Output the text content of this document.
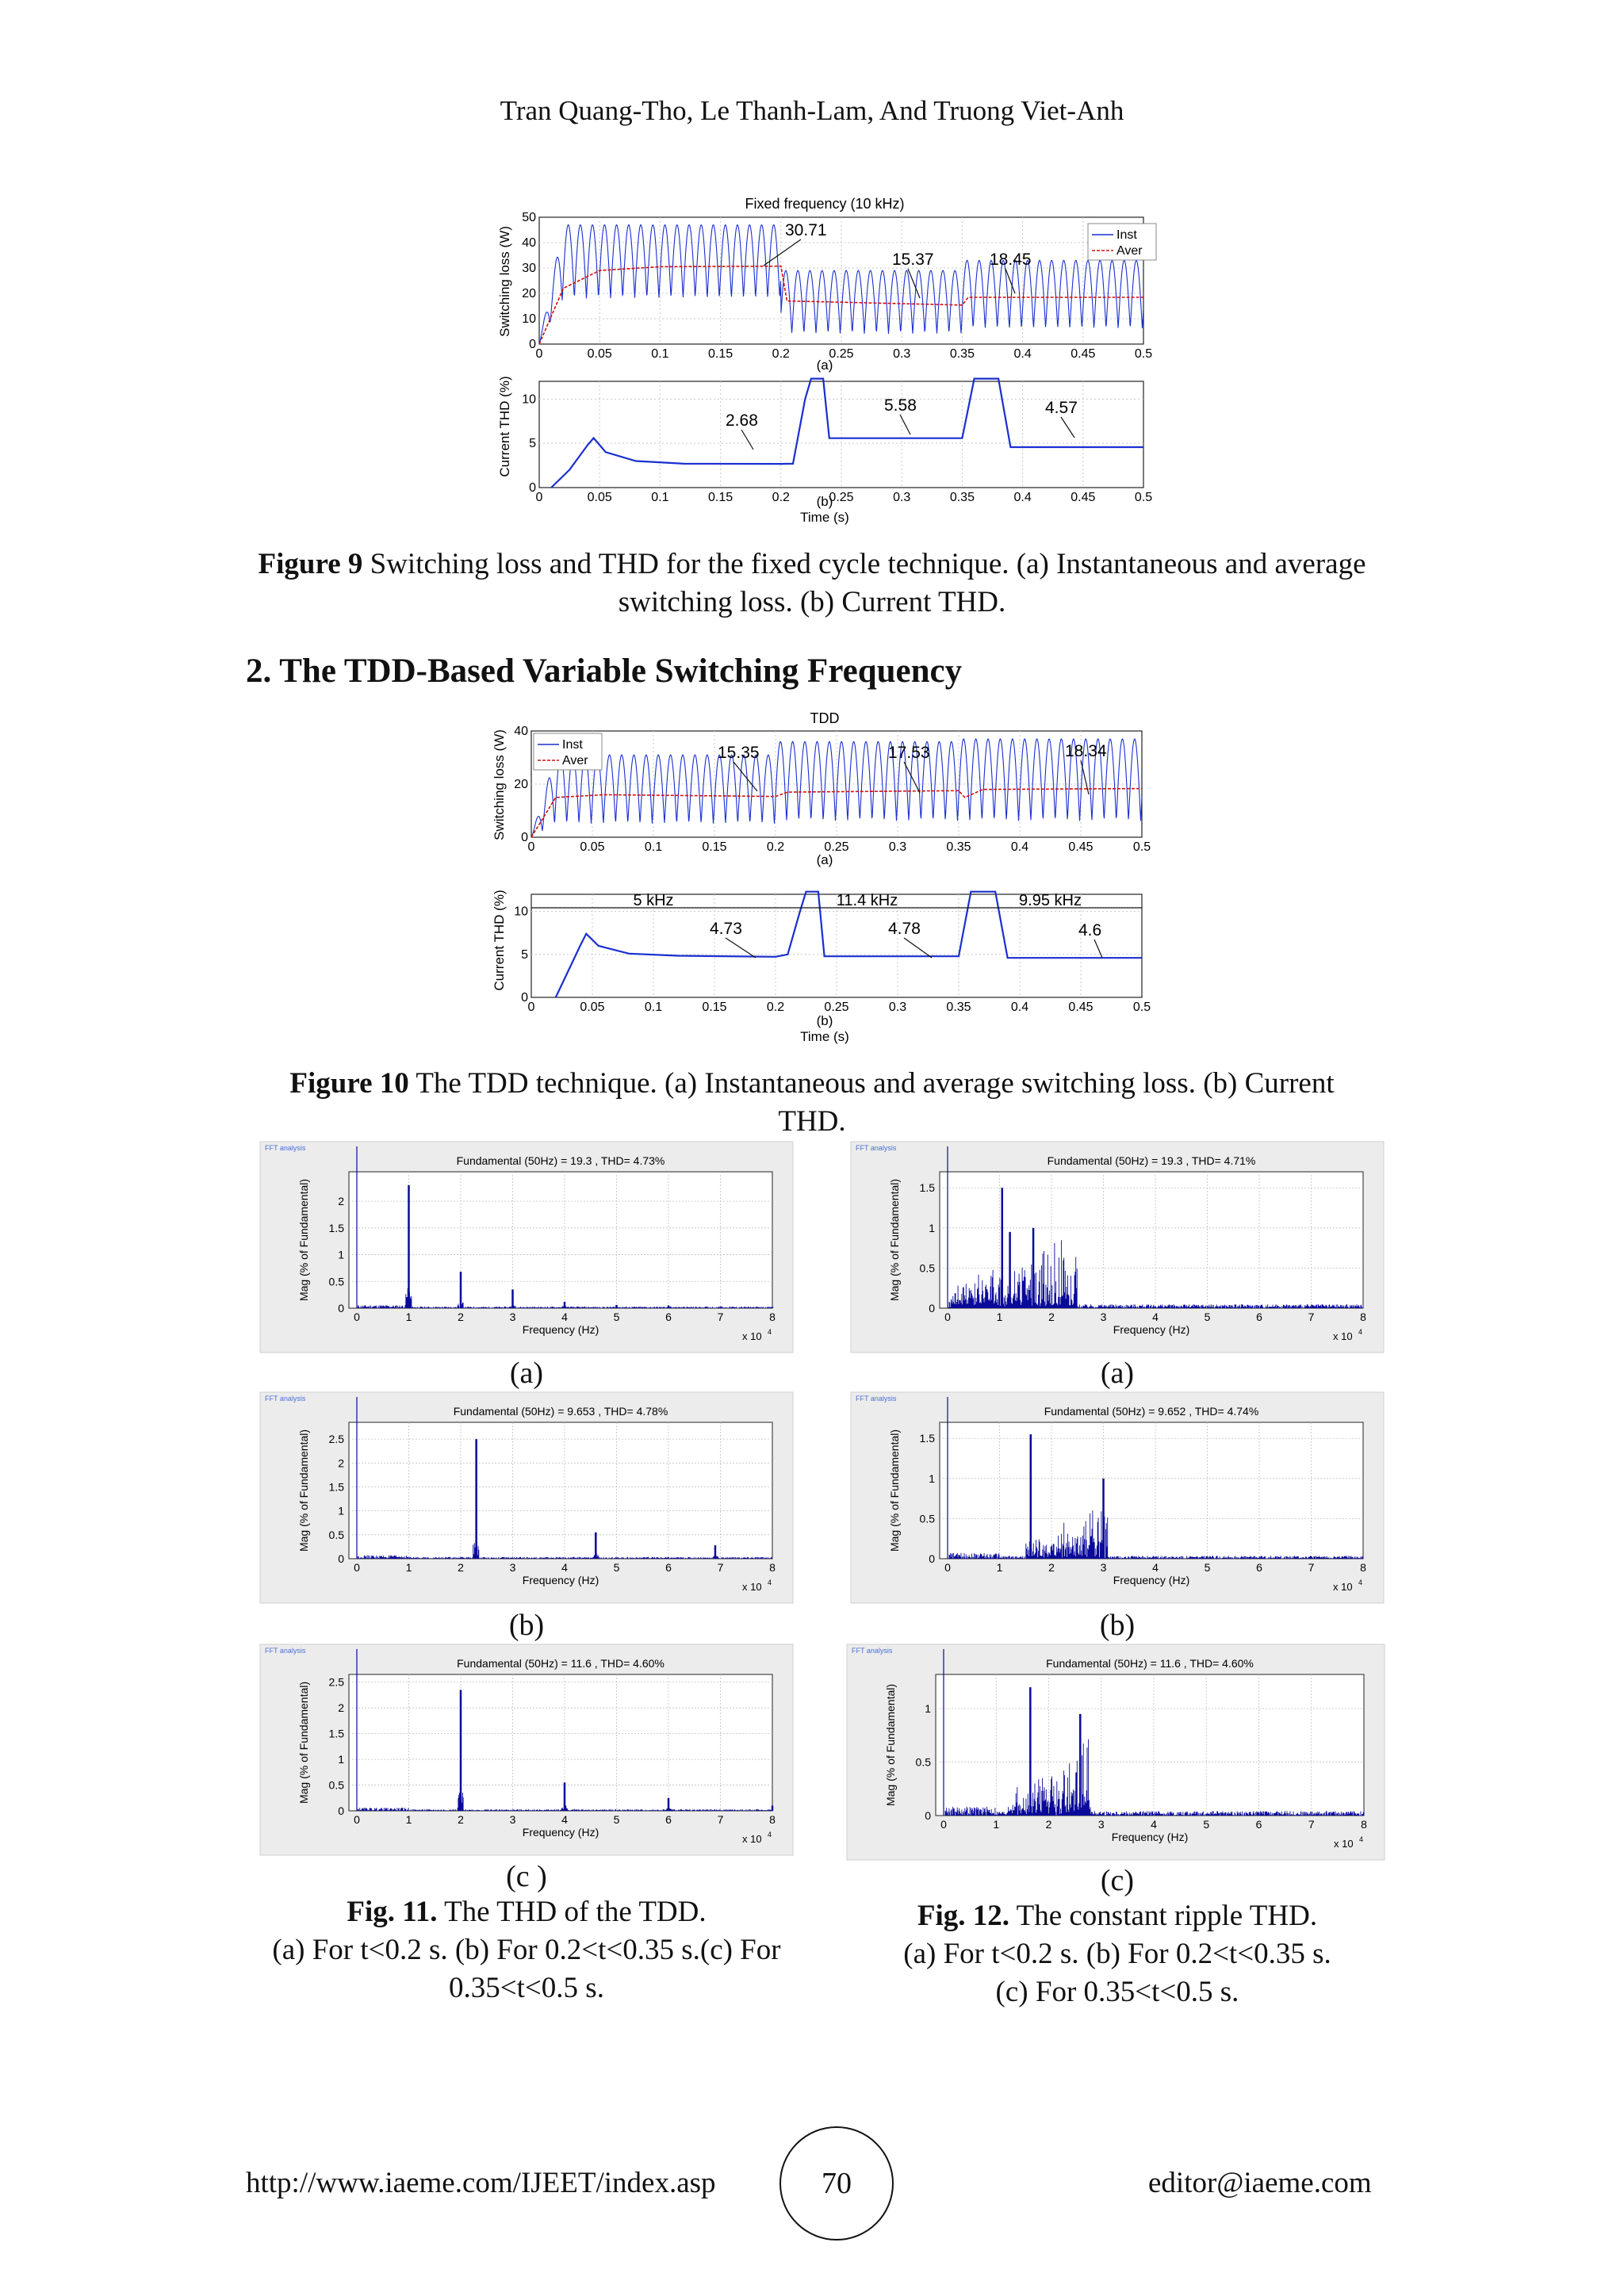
Tran Quang-Tho, Le Thanh-Lam, And Truong Viet-Anh
Fixed frequency (10 kHz)
0
10
20
30
40
50
0	0.05	0.1	0.15	0.2	0.25	0.3	0.35	0.4	0.45	0.5
Inst
Aver
30.71
15.37	18.45
0
5
10
0	0.05	0.1	0.15	0.2	0.25	0.3	0.35	0.4	0.45	0.5
2.68
5.58	4.57
(a)
(b)
Time (s)
Switching loss (W)
Current THD (%)
Figure 9 Switching loss and THD for the fixed cycle technique. (a) Instantaneous and average switching loss. (b) Current THD.
2. The TDD-Based Variable Switching Frequency
TDD
0
20
40
0	0.05	0.1	0.15	0.2	0.25	0.3	0.35	0.4	0.45	0.5
Inst
Aver	15.35	17.53	18.34
0
5
10
0	0.05	0.1	0.15	0.2	0.25	0.3	0.35	0.4	0.45	0.5
5 kHz	11.4 kHz	9.95 kHz
4.73	4.78	4.6
(a)
(b)
Time (s)
Switching loss (W)
Current THD (%)
Figure 10 The TDD technique. (a) Instantaneous and average switching loss. (b) Current THD.
FFT analysis
Fundamental (50Hz) = 19.3 , THD= 4.73%
0
0.5
1
1.5
2
0	1	2	3	4	5	6	7	8
Frequency (Hz)
x 10 4
Mag (% of Fundamental)
FFT analysis
Fundamental (50Hz) = 19.3 , THD= 4.71%
0
0.5
1
1.5
0	1	2	3	4	5	6	7	8
Frequency (Hz)
x 10 4
Mag (% of Fundamental)
(a)	(a)
FFT analysis
Fundamental (50Hz) = 9.653 , THD= 4.78%
0
0.5
1
1.5
2
2.5
0	1	2	3	4	5	6	7	8
Frequency (Hz)
x 10 4
Mag (% of Fundamental)
FFT analysis
Fundamental (50Hz) = 9.652 , THD= 4.74%
0
0.5
1
1.5
0	1	2	3	4	5	6	7	8
Frequency (Hz)
x 10 4
Mag (% of Fundamental)
(b)	(b)
FFT analysis
Fundamental (50Hz) = 11.6 , THD= 4.60%
0
0.5
1
1.5
2
2.5
0	1	2	3	4	5	6	7	8
Frequency (Hz)
x 10 4
Mag (% of Fundamental)
FFT analysis
Fundamental (50Hz) = 11.6 , THD= 4.60%
0
0.5
1
0	1	2	3	4	5	6	7	8
Frequency (Hz)
x 10 4
Mag (% of Fundamental)
(c )	(c)
Fig. 11. The THD of the TDD.
(a) For t<0.2 s. (b) For 0.2<t<0.35 s.(c) For
0.35<t<0.5 s.
Fig. 12. The constant ripple THD.
(a) For t<0.2 s. (b) For 0.2<t<0.35 s.
(c) For 0.35<t<0.5 s.
http://www.iaeme.com/IJEET/index.asp	70	editor@iaeme.com
